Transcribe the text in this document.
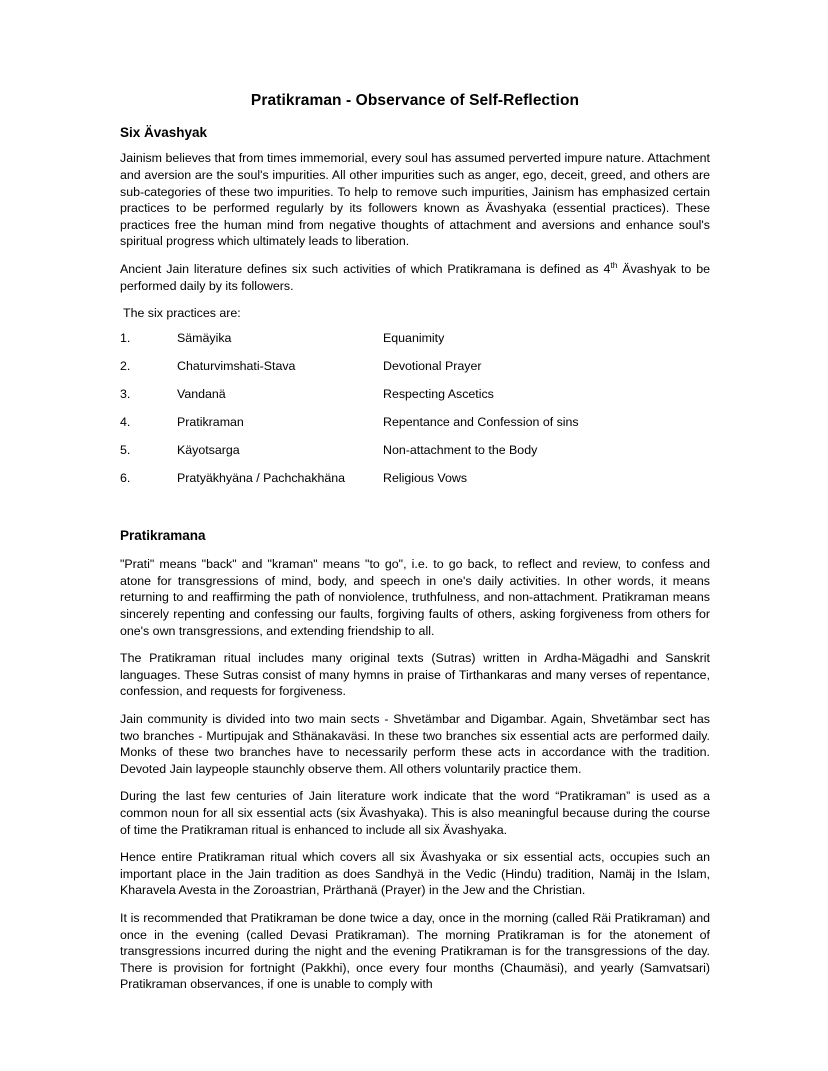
Pratikraman - Observance of Self-Reflection
Six Ävashyak

Jainism believes that from times immemorial, every soul has assumed perverted impure nature. Attachment and aversion are the soul's impurities. All other impurities such as anger, ego, deceit, greed, and others are sub-categories of these two impurities. To help to remove such impurities, Jainism has emphasized certain practices to be performed regularly by its followers known as Ävashyaka (essential practices). These practices free the human mind from negative thoughts of attachment and aversions and enhance soul's spiritual progress which ultimately leads to liberation.

Ancient Jain literature defines six such activities of which Pratikramana is defined as 4th Ävashyak to be performed daily by its followers.

The six practices are:

1.	Sämäyika	Equanimity
2.	Chaturvimshati-Stava	Devotional Prayer
3.	Vandanä	Respecting Ascetics
4.	Pratikraman	Repentance and Confession of sins
5.	Käyotsarga	Non-attachment to the Body
6.	Pratyäkhyäna / Pachchakhäna	Religious Vows
Pratikramana

"Prati" means "back" and "kraman" means "to go", i.e. to go back, to reflect and review, to confess and atone for transgressions of mind, body, and speech in one's daily activities. In other words, it means returning to and reaffirming the path of nonviolence, truthfulness, and non-attachment. Pratikraman means sincerely repenting and confessing our faults, forgiving faults of others, asking forgiveness from others for one's own transgressions, and extending friendship to all.

The Pratikraman ritual includes many original texts (Sutras) written in Ardha-Mägadhi and Sanskrit languages. These Sutras consist of many hymns in praise of Tirthankaras and many verses of repentance, confession, and requests for forgiveness.

Jain community is divided into two main sects - Shvetämbar and Digambar. Again, Shvetämbar sect has two branches - Murtipujak and Sthänakaväsi. In these two branches six essential acts are performed daily. Monks of these two branches have to necessarily perform these acts in accordance with the tradition. Devoted Jain laypeople staunchly observe them. All others voluntarily practice them.

During the last few centuries of Jain literature work indicate that the word “Pratikraman” is used as a common noun for all six essential acts (six Ävashyaka). This is also meaningful because during the course of time the Pratikraman ritual is enhanced to include all six Ävashyaka.

Hence entire Pratikraman ritual which covers all six Ävashyaka or six essential acts, occupies such an important place in the Jain tradition as does Sandhyä in the Vedic (Hindu) tradition, Namäj in the Islam, Kharavela Avesta in the Zoroastrian, Prärthanä (Prayer) in the Jew and the Christian.

It is recommended that Pratikraman be done twice a day, once in the morning (called Räi Pratikraman) and once in the evening (called Devasi Pratikraman). The morning Pratikraman is for the atonement of transgressions incurred during the night and the evening Pratikraman is for the transgressions of the day. There is provision for fortnight (Pakkhi), once every four months (Chaumäsi), and yearly (Samvatsari) Pratikraman observances, if one is unable to comply with
